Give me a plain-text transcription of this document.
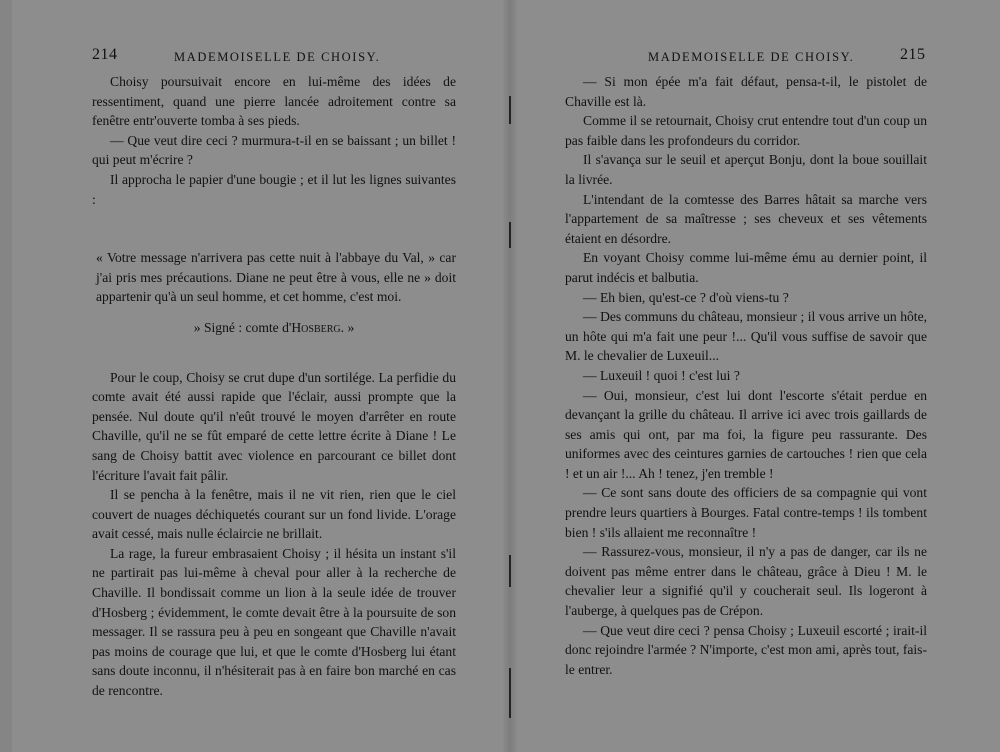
214	MADEMOISELLE DE CHOISY.

Choisy poursuivait encore en lui-même des idées de ressentiment, quand une pierre lancée adroitement contre sa fenêtre entr'ouverte tomba à ses pieds.

— Que veut dire ceci ? murmura-t-il en se baissant ; un billet ! qui peut m'écrire ?

Il approcha le papier d'une bougie ; et il lut les lignes suivantes :

« Votre message n'arrivera pas cette nuit à l'abbaye du Val, » car j'ai pris mes précautions. Diane ne peut être à vous, elle ne » doit appartenir qu'à un seul homme, et cet homme, c'est moi.

» Signé : comte d'Hosberg. »

Pour le coup, Choisy se crut dupe d'un sortilége. La perfidie du comte avait été aussi rapide que l'éclair, aussi prompte que la pensée. Nul doute qu'il n'eût trouvé le moyen d'arrêter en route Chaville, qu'il ne se fût emparé de cette lettre écrite à Diane ! Le sang de Choisy battit avec violence en parcourant ce billet dont l'écriture l'avait fait pâlir.

Il se pencha à la fenêtre, mais il ne vit rien, rien que le ciel couvert de nuages déchiquetés courant sur un fond livide. L'orage avait cessé, mais nulle éclaircie ne brillait.

La rage, la fureur embrasaient Choisy ; il hésita un instant s'il ne partirait pas lui-même à cheval pour aller à la recherche de Chaville. Il bondissait comme un lion à la seule idée de trouver d'Hosberg ; évidemment, le comte devait être à la poursuite de son messager. Il se rassura peu à peu en songeant que Chaville n'avait pas moins de courage que lui, et que le comte d'Hosberg lui étant sans doute inconnu, il n'hésiterait pas à en faire bon marché en cas de rencontre.

MADEMOISELLE DE CHOISY.	215

— Si mon épée m'a fait défaut, pensa-t-il, le pistolet de Chaville est là.

Comme il se retournait, Choisy crut entendre tout d'un coup un pas faible dans les profondeurs du corridor.

Il s'avança sur le seuil et aperçut Bonju, dont la boue souillait la livrée.

L'intendant de la comtesse des Barres hâtait sa marche vers l'appartement de sa maîtresse ; ses cheveux et ses vêtements étaient en désordre.

En voyant Choisy comme lui-même ému au dernier point, il parut indécis et balbutia.

— Eh bien, qu'est-ce ? d'où viens-tu ?

— Des communs du château, monsieur ; il vous arrive un hôte, un hôte qui m'a fait une peur !... Qu'il vous suffise de savoir que M. le chevalier de Luxeuil...

— Luxeuil ! quoi ! c'est lui ?

— Oui, monsieur, c'est lui dont l'escorte s'était perdue en devançant la grille du château. Il arrive ici avec trois gaillards de ses amis qui ont, par ma foi, la figure peu rassurante. Des uniformes avec des ceintures garnies de cartouches ! rien que cela ! et un air !... Ah ! tenez, j'en tremble !

— Ce sont sans doute des officiers de sa compagnie qui vont prendre leurs quartiers à Bourges. Fatal contre-temps ! ils tombent bien ! s'ils allaient me reconnaître !

— Rassurez-vous, monsieur, il n'y a pas de danger, car ils ne doivent pas même entrer dans le château, grâce à Dieu ! M. le chevalier leur a signifié qu'il y coucherait seul. Ils logeront à l'auberge, à quelques pas de Crépon.

— Que veut dire ceci ? pensa Choisy ; Luxeuil escorté ; irait-il donc rejoindre l'armée ? N'importe, c'est mon ami, après tout, fais-le entrer.
